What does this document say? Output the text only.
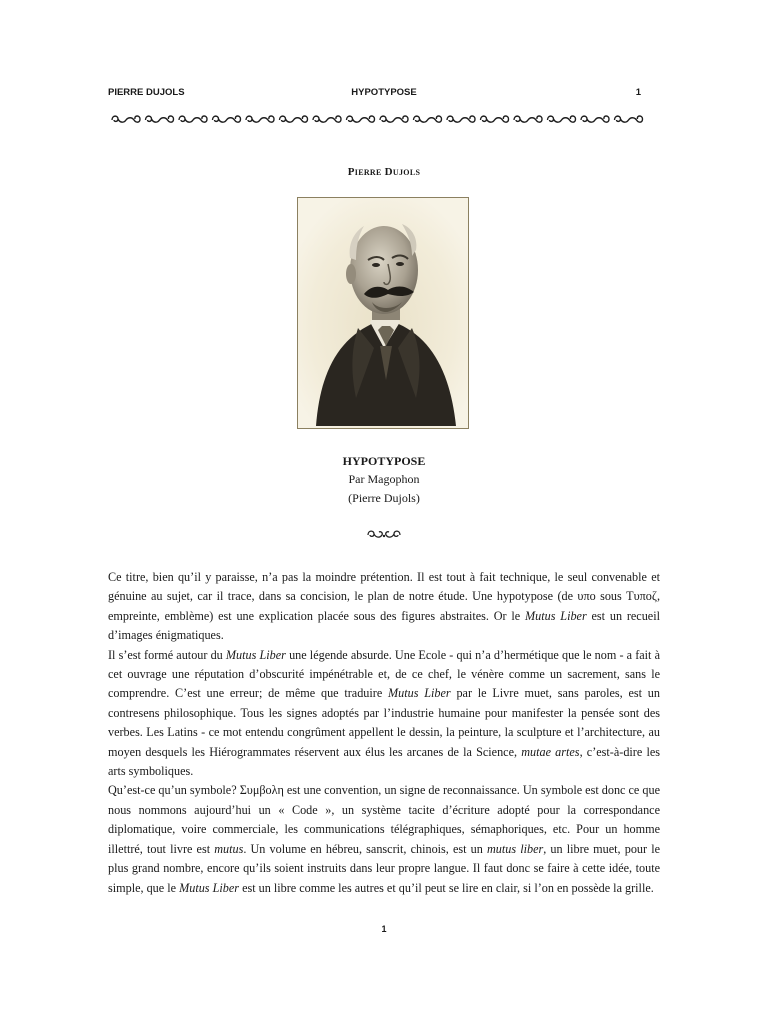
PIERRE DUJOLS	HYPOTYPOSE	1
Pierre Dujols
HYPOTYPOSE
Par Magophon
(Pierre Dujols)

Ce titre, bien qu’il y paraisse, n’a pas la moindre prétention. Il est tout à fait technique, le seul convenable et génuine au sujet, car il trace, dans sa concision, le plan de notre étude. Une hypotypose (de υπο sous Τυποζ, empreinte, emblème) est une explication placée sous des figures abstraites. Or le Mutus Liber est un recueil d’images énigmatiques.

Il s’est formé autour du Mutus Liber une légende absurde. Une Ecole - qui n’a d’hermétique que le nom - a fait à cet ouvrage une réputation d’obscurité impénétrable et, de ce chef, le vénère comme un sacrement, sans le comprendre. C’est une erreur; de même que traduire Mutus Liber par le Livre muet, sans paroles, est un contresens philosophique. Tous les signes adoptés par l’industrie humaine pour manifester la pensée sont des verbes. Les Latins - ce mot entendu congrûment appellent le dessin, la peinture, la sculpture et l’architecture, au moyen desquels les Hiérogrammates réservent aux élus les arcanes de la Science, mutae artes, c’est-à-dire les arts symboliques.

Qu’est-ce qu’un symbole? Συμβολη est une convention, un signe de reconnaissance. Un symbole est donc ce que nous nommons aujourd’hui un « Code », un système tacite d’écriture adopté pour la correspondance diplomatique, voire commerciale, les communications télégraphiques, sémaphoriques, etc. Pour un homme illettré, tout livre est mutus. Un volume en hébreu, sanscrit, chinois, est un mutus liber, un libre muet, pour le plus grand nombre, encore qu’ils soient instruits dans leur propre langue. Il faut donc se faire à cette idée, toute simple, que le Mutus Liber est un libre comme les autres et qu’il peut se lire en clair, si l’on en possède la grille.

1
